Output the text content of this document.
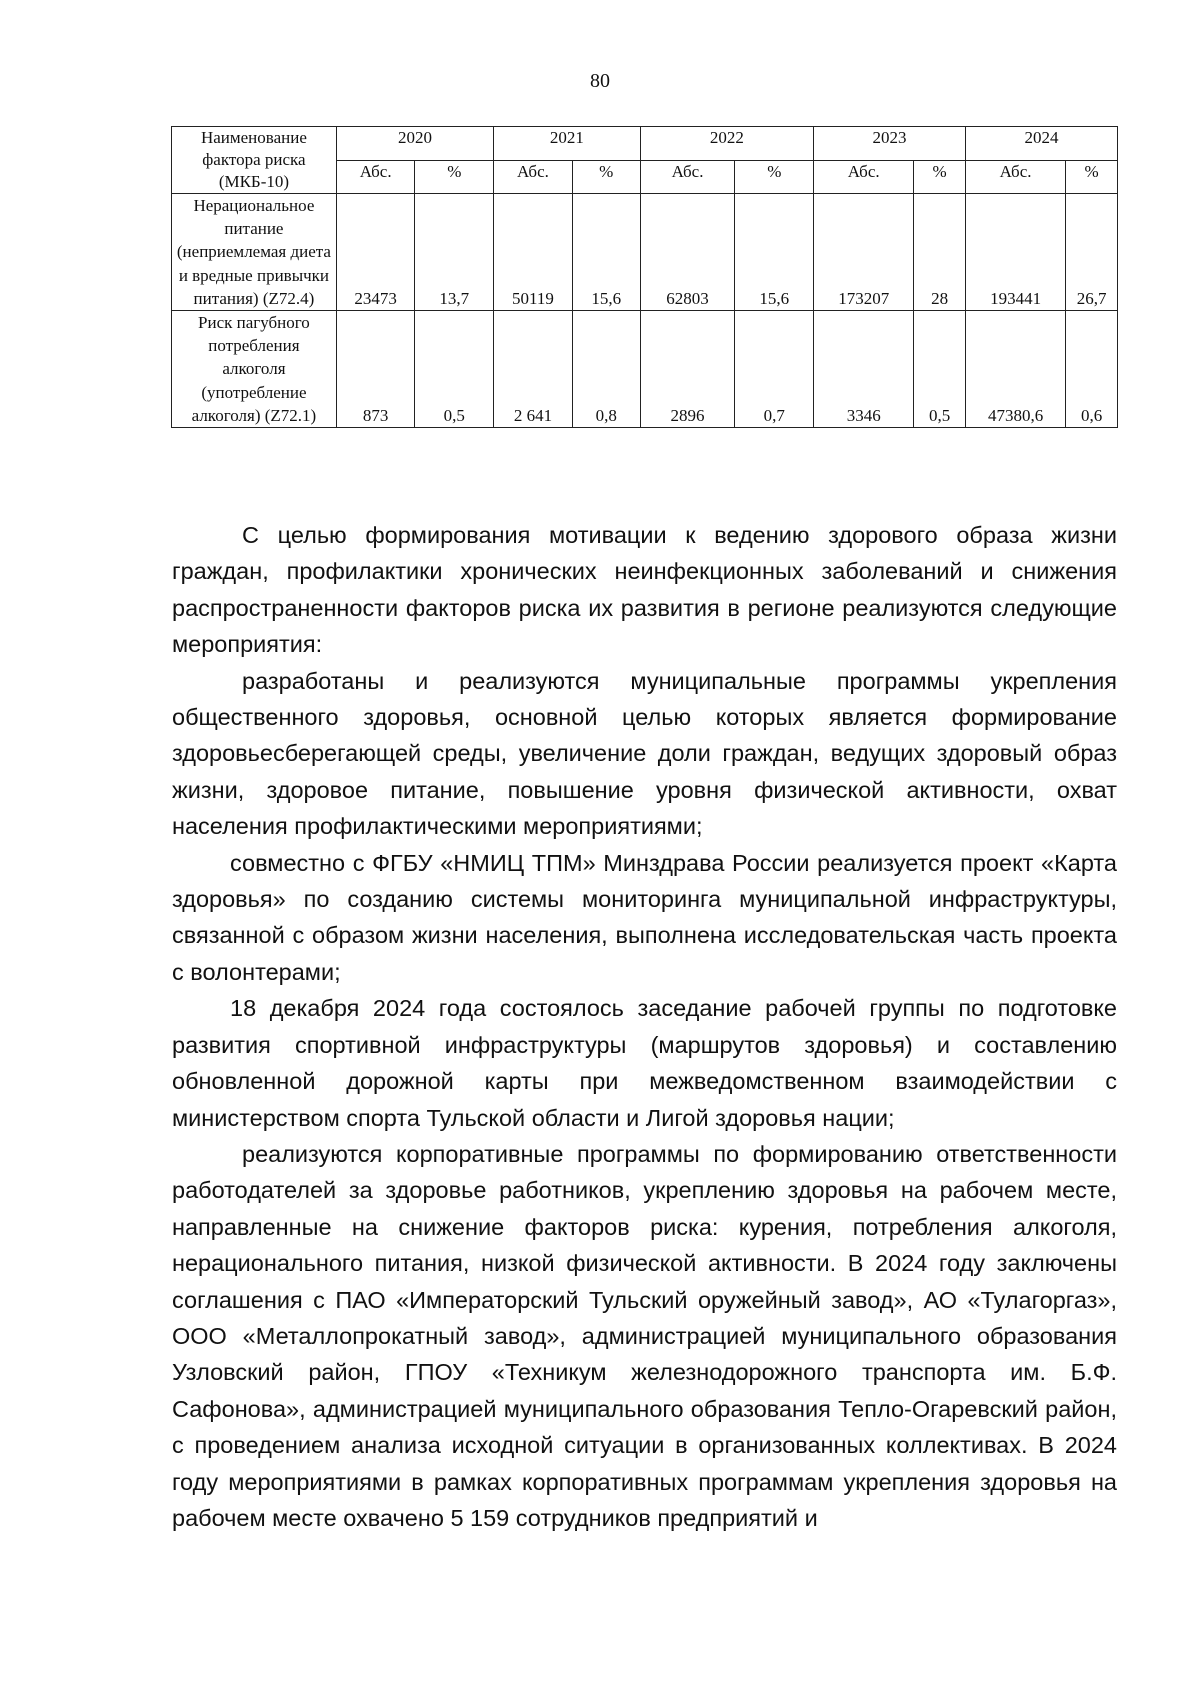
80
Наименование фактора риска (МКБ-10)	2020		2021		2022		2023		2024	
	Абс.	%	Абс.	%	Абс.	%	Абс.	%	Абс.	%
Нерациональное питание (неприемлемая диета и вредные привычки питания) (Z72.4)	23473	13,7	50119	15,6	62803	15,6	173207	28	193441	26,7
Риск пагубного потребления алкоголя (употребление алкоголя) (Z72.1)	873	0,5	2 641	0,8	2896	0,7	3346	0,5	47380,6	0,6

С целью формирования мотивации к ведению здорового образа жизни граждан, профилактики хронических неинфекционных заболеваний и снижения распространенности факторов риска их развития в регионе реализуются следующие мероприятия:

разработаны и реализуются муниципальные программы укрепления общественного здоровья, основной целью которых является формирование здоровьесберегающей среды, увеличение доли граждан, ведущих здоровый образ жизни, здоровое питание, повышение уровня физической активности, охват населения профилактическими мероприятиями;

совместно с ФГБУ «НМИЦ ТПМ» Минздрава России реализуется проект «Карта здоровья» по созданию системы мониторинга муниципальной инфраструктуры, связанной с образом жизни населения, выполнена исследовательская часть проекта с волонтерами;

18 декабря 2024 года состоялось заседание рабочей группы по подготовке развития спортивной инфраструктуры (маршрутов здоровья) и составлению обновленной дорожной карты при межведомственном взаимодействии с министерством спорта Тульской области и Лигой здоровья нации;

реализуются корпоративные программы по формированию ответственности работодателей за здоровье работников, укреплению здоровья на рабочем месте, направленные на снижение факторов риска: курения, потребления алкоголя, нерационального питания, низкой физической активности. В 2024 году заключены соглашения с ПАО «Императорский Тульский оружейный завод», АО «Тулагоргаз», ООО «Металлопрокатный завод», администрацией муниципального образования Узловский район, ГПОУ «Техникум железнодорожного транспорта им. Б.Ф. Сафонова», администрацией муниципального образования Тепло-Огаревский район, с проведением анализа исходной ситуации в организованных коллективах. В 2024 году мероприятиями в рамках корпоративных программам укрепления здоровья на рабочем месте охвачено 5 159 сотрудников предприятий и
